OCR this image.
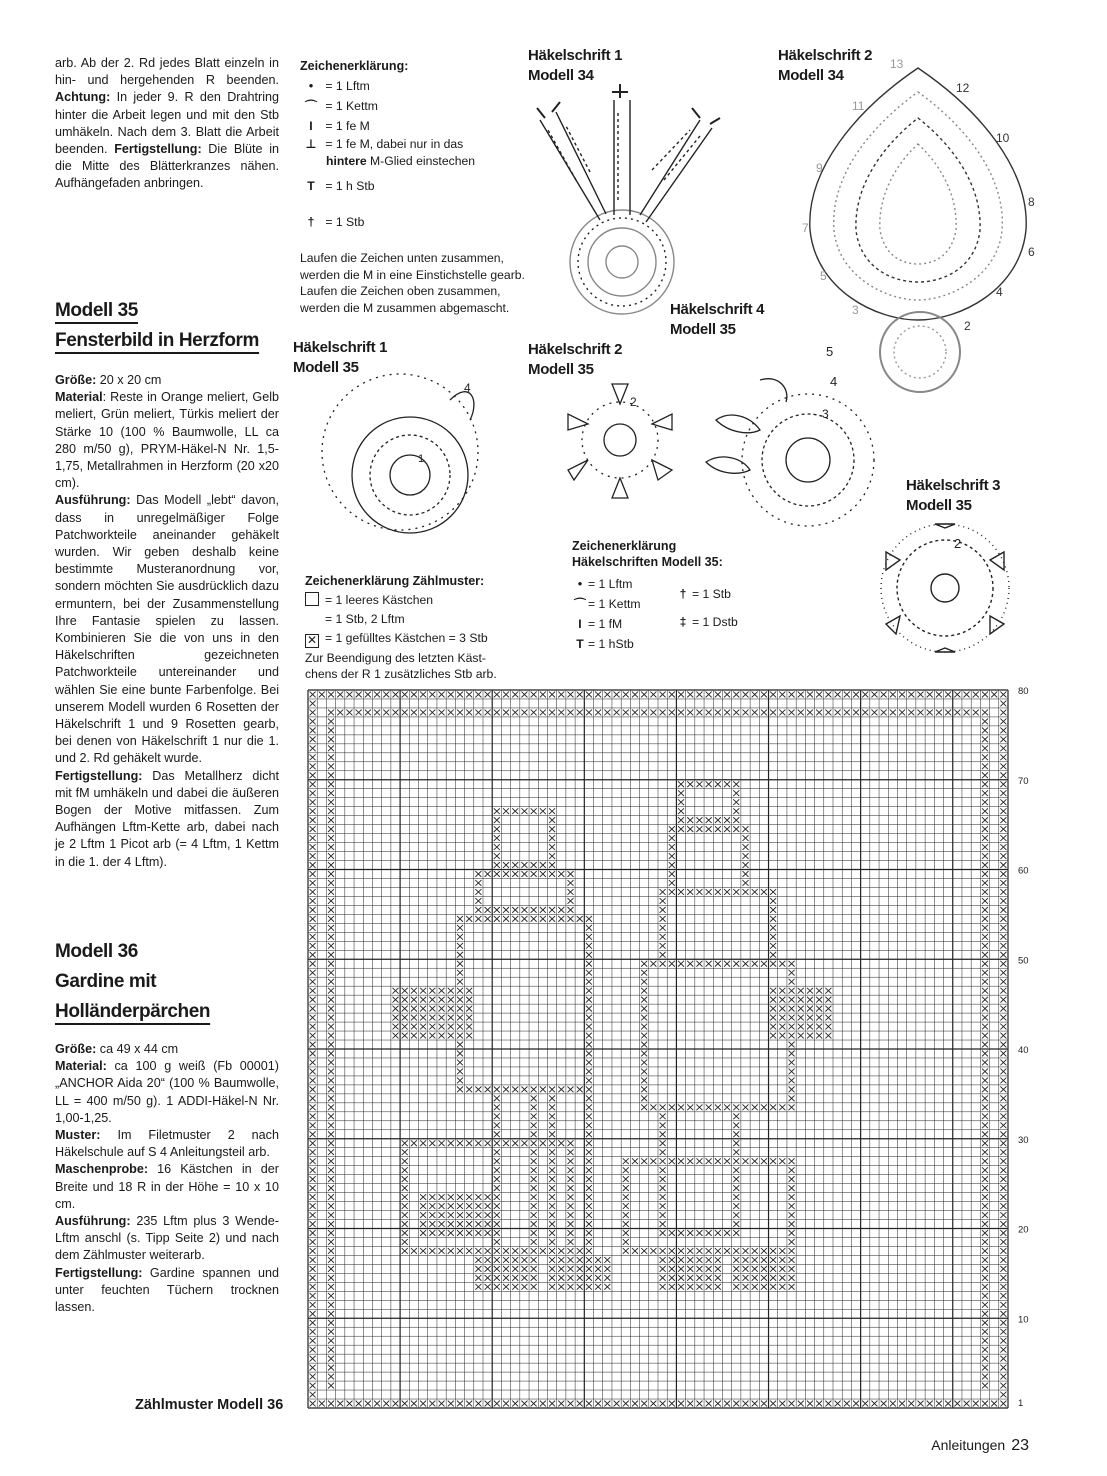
arb. Ab der 2. Rd jedes Blatt einzeln in hin- und hergehenden R beenden. Achtung: In jeder 9. R den Drahtring hinter die Arbeit legen und mit den Stb umhäkeln. Nach dem 3. Blatt die Arbeit beenden. Fertigstellung: Die Blüte in die Mitte des Blätterkranzes nähen. Aufhängefaden anbringen.

Modell 35
Fensterbild in Herzform

Größe: 20 x 20 cm
Material: Reste in Orange meliert, Gelb meliert, Grün meliert, Türkis meliert der Stärke 10 (100 % Baumwolle, LL ca 280 m/50 g), PRYM-Häkel-N Nr. 1,5-1,75, Metallrahmen in Herzform (20 x20 cm).
Ausführung: Das Modell „lebt“ davon, dass in unregelmäßiger Folge Patchworkteile aneinander gehäkelt wurden. Wir geben deshalb keine bestimmte Musteranordnung vor, sondern möchten Sie ausdrücklich dazu ermuntern, bei der Zusammenstellung Ihre Fantasie spielen zu lassen. Kombinieren Sie die von uns in den Häkelschriften gezeichneten Patchworkteile untereinander und wählen Sie eine bunte Farbenfolge. Bei unserem Modell wurden 6 Rosetten der Häkelschrift 1 und 9 Rosetten gearb, bei denen von Häkelschrift 1 nur die 1. und 2. Rd gehäkelt wurde.
Fertigstellung: Das Metallherz dicht mit fM umhäkeln und dabei die äußeren Bogen der Motive mitfassen. Zum Aufhängen Lftm-Kette arb, dabei nach je 2 Lftm 1 Picot arb (= 4 Lftm, 1 Kettm in die 1. der 4 Lftm).

Modell 36
Gardine mit
Holländerpärchen

Größe: ca 49 x 44 cm
Material: ca 100 g weiß (Fb 00001) „ANCHOR Aida 20“ (100 % Baumwolle, LL = 400 m/50 g). 1 ADDI-Häkel-N Nr. 1,00-1,25.
Muster: Im Filetmuster 2 nach Häkelschule auf S 4 Anleitungsteil arb.
Maschenprobe: 16 Kästchen in der Breite und 18 R in der Höhe = 10 x 10 cm.
Ausführung: 235 Lftm plus 3 Wende-Lftm anschl (s. Tipp Seite 2) und nach dem Zählmuster weiterarb.
Fertigstellung: Gardine spannen und unter feuchten Tüchern trocknen lassen.

Zeichenerklärung:
• = 1 Lftm
⌒ = 1 Kettm
I = 1 fe M
⊥ = 1 fe M, dabei nur in das
hintere M-Glied einstechen
T = 1 h Stb
† = 1 Stb
Laufen die Zeichen unten zusammen,
werden die M in eine Einstichstelle gearb.
Laufen die Zeichen oben zusammen,
werden die M zusammen abgemascht.
Häkelschrift 1
Modell 34
Häkelschrift 2
Modell 34
Häkelschrift 1
Modell 35
Häkelschrift 2
Modell 35
Häkelschrift 4
Modell 35
Häkelschrift 3
Modell 35
13
12
11
10
9
8
7
6
5
4
3
2
4
1
2
5
4
3
2
Zeichenerklärung Zählmuster:
= 1 leeres Kästchen
= 1 Stb, 2 Lftm
✕ = 1 gefülltes Kästchen = 3 Stb
Zur Beendigung des letzten Käst-
chens der R 1 zusätzliches Stb arb.
Zeichenerklärung
Häkelschriften Modell 35:
• = 1 Lftm
⌒ = 1 Kettm
I = 1 fM
T = 1 hStb
† = 1 Stb
‡ = 1 Dstb
80
70
60
50
40
30
20
10
1
Zählmuster Modell 36
Anleitungen 23
